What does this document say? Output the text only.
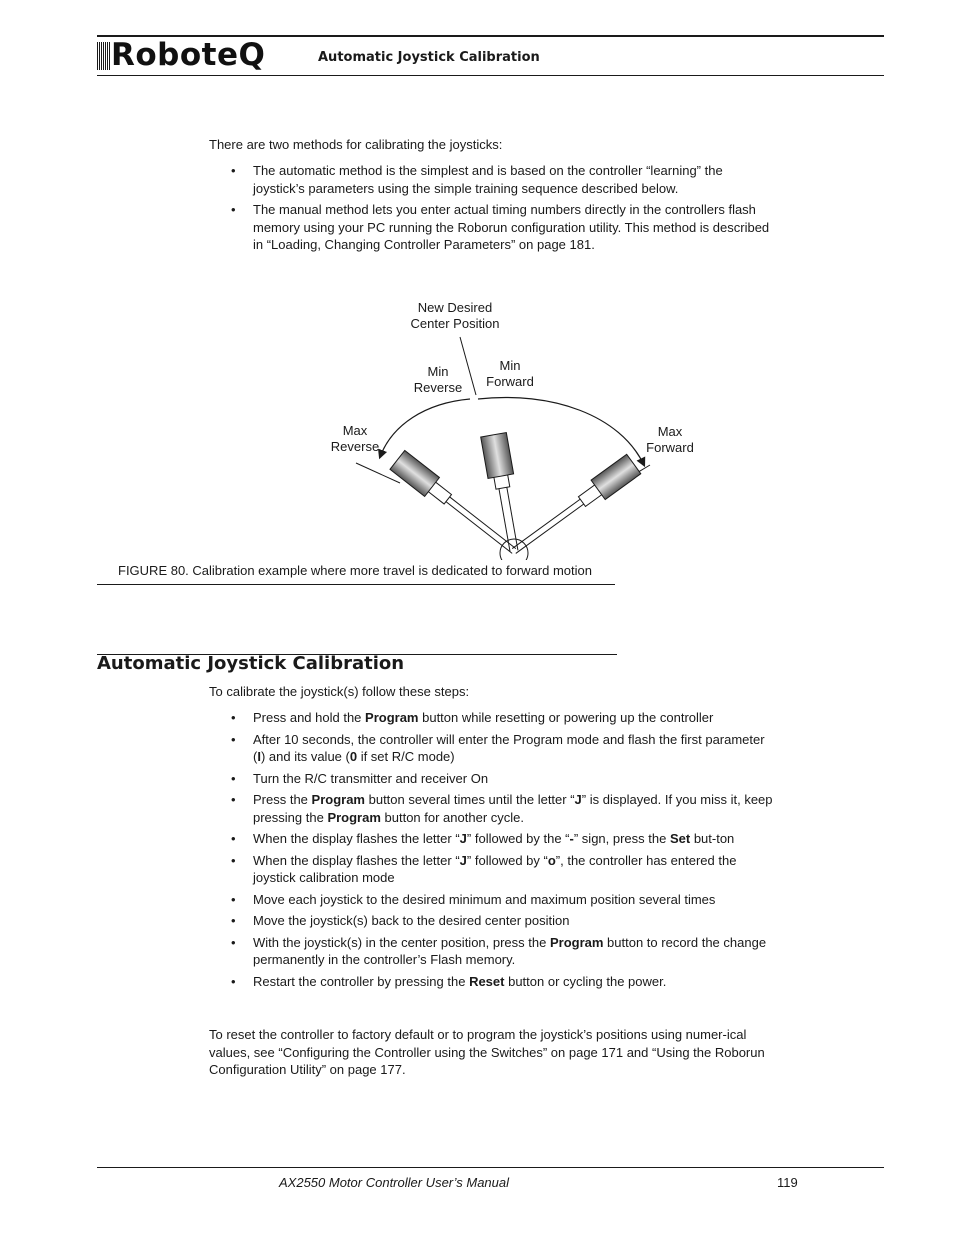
RoboteQ	Automatic Joystick Calibration
There are two methods for calibrating the joysticks:
• The automatic method is the simplest and is based on the controller “learning” the joystick’s parameters using the simple training sequence described below.
• The manual method lets you enter actual timing numbers directly in the controllers flash memory using your PC running the Roborun configuration utility. This method is described in “Loading, Changing Controller Parameters” on page 181.
New Desired
Center Position
Min
Reverse
Min
Forward
Max
Reverse
Max
Forward
FIGURE 80. Calibration example where more travel is dedicated to forward motion
Automatic Joystick Calibration
To calibrate the joystick(s) follow these steps:
• Press and hold the Program button while resetting or powering up the controller
• After 10 seconds, the controller will enter the Program mode and flash the first parameter (I) and its value (0 if set R/C mode)
• Turn the R/C transmitter and receiver On
• Press the Program button several times until the letter “J” is displayed. If you miss it, keep pressing the Program button for another cycle.
• When the display flashes the letter “J” followed by the “-” sign, press the Set but-ton
• When the display flashes the letter “J” followed by “o”, the controller has entered the joystick calibration mode
• Move each joystick to the desired minimum and maximum position several times
• Move the joystick(s) back to the desired center position
• With the joystick(s) in the center position, press the Program button to record the change permanently in the controller’s Flash memory.
• Restart the controller by pressing the Reset button or cycling the power.
To reset the controller to factory default or to program the joystick’s positions using numer-ical values, see “Configuring the Controller using the Switches” on page 171 and “Using the Roborun Configuration Utility” on page 177.
AX2550 Motor Controller User’s Manual	119
